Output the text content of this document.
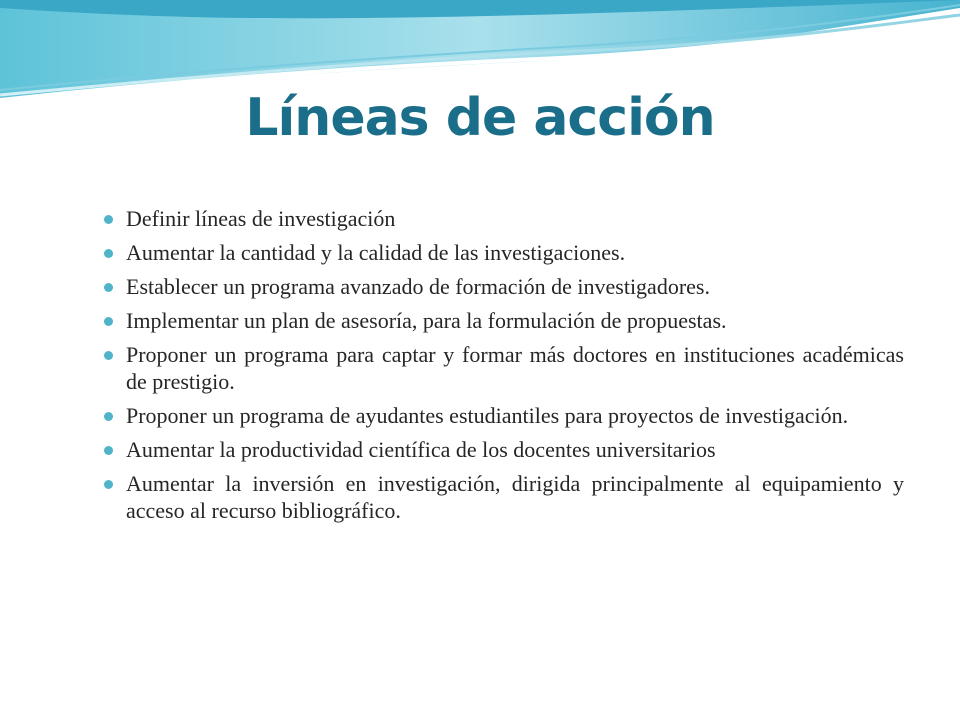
Líneas de acción
Definir líneas de investigación
Aumentar la cantidad y la calidad de las investigaciones.
Establecer un programa avanzado de formación de investigadores.
Implementar un plan de asesoría, para la formulación de propuestas.
Proponer un programa para captar y formar más doctores en instituciones académicas de prestigio.
Proponer un programa de ayudantes estudiantiles para proyectos de investigación.
Aumentar la productividad científica de los docentes universitarios
Aumentar la inversión en investigación, dirigida principalmente al equipamiento y acceso al recurso bibliográfico.
